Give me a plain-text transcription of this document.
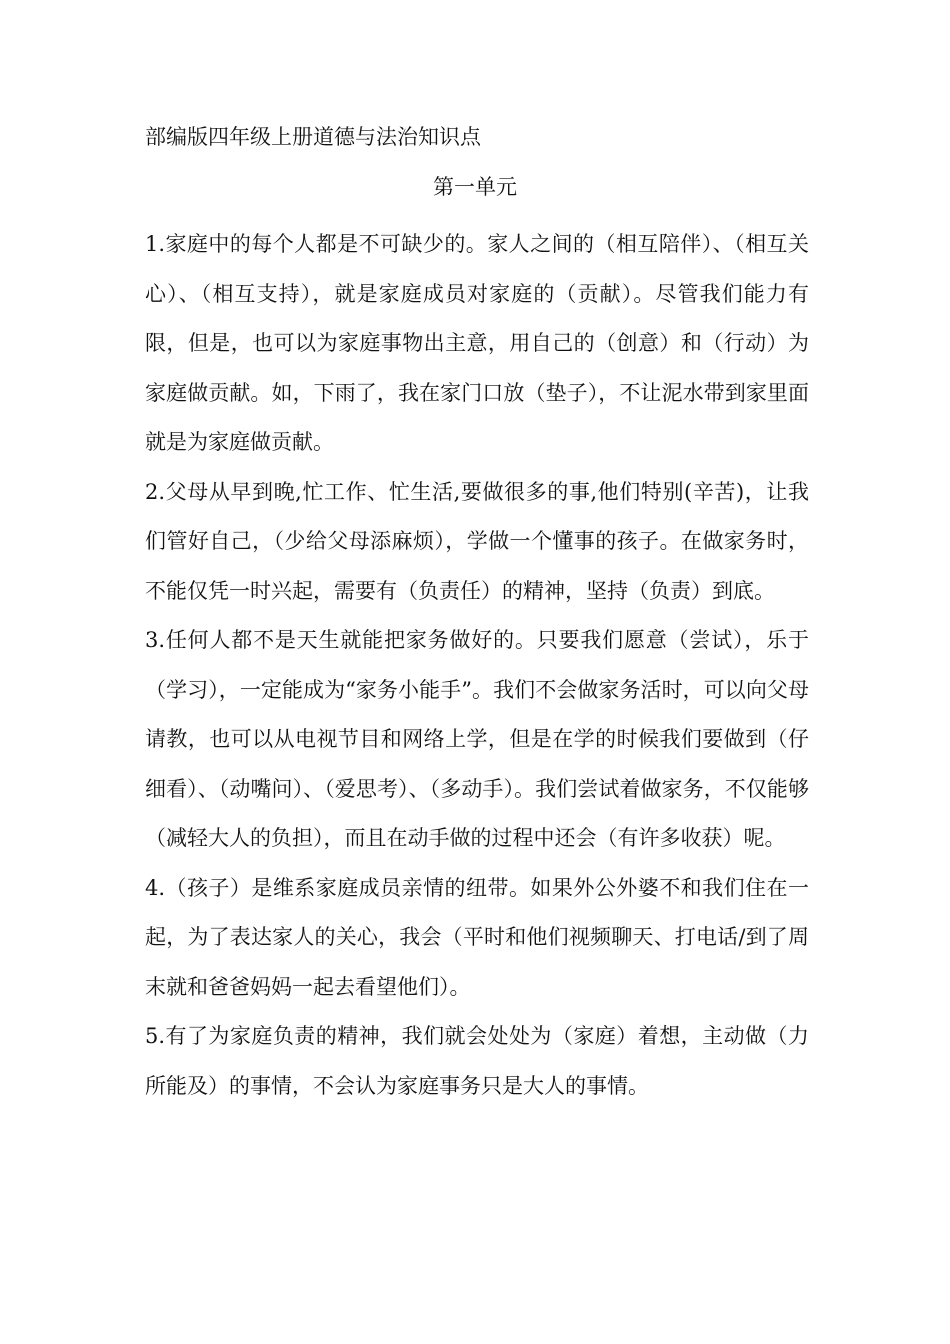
部编版四年级上册道德与法治知识点
第一单元

1.家庭中的每个人都是不可缺少的。家人之间的（相互陪伴）、（相互关心）、（相互支持），就是家庭成员对家庭的（贡献）。尽管我们能力有限，但是，也可以为家庭事物出主意，用自己的（创意）和（行动）为家庭做贡献。如，下雨了，我在家门口放（垫子），不让泥水带到家里面就是为家庭做贡献。

2.父母从早到晚,忙工作、忙生活,要做很多的事,他们特别(辛苦)，让我们管好自己，（少给父母添麻烦），学做一个懂事的孩子。在做家务时，不能仅凭一时兴起，需要有（负责任）的精神，坚持（负责）到底。

3.任何人都不是天生就能把家务做好的。只要我们愿意（尝试），乐于（学习），一定能成为“家务小能手”。我们不会做家务活时，可以向父母请教，也可以从电视节目和网络上学，但是在学的时候我们要做到（仔细看）、（动嘴问）、（爱思考）、（多动手）。我们尝试着做家务，不仅能够（减轻大人的负担），而且在动手做的过程中还会（有许多收获）呢。

4.（孩子）是维系家庭成员亲情的纽带。如果外公外婆不和我们住在一起，为了表达家人的关心，我会（平时和他们视频聊天、打电话/到了周末就和爸爸妈妈一起去看望他们）。

5.有了为家庭负责的精神，我们就会处处为（家庭）着想，主动做（力所能及）的事情，不会认为家庭事务只是大人的事情。
